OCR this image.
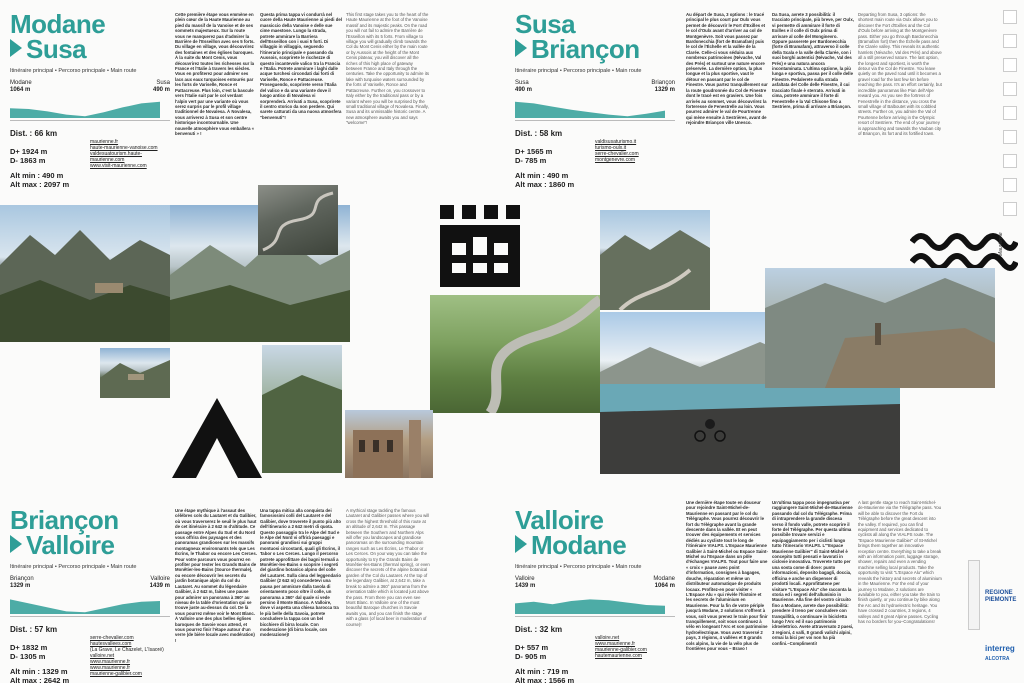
Modane
Susa
Itinéraire principal • Percorso principale • Main route
Modane
1064 m
Susa
490 m
Dist. : 66 km
D+ 1924 m
D- 1863 m
Alt min : 490 m
Alt max : 2097 m
maurienne.fr
haute-maurienne-vanoise.com
valdesuatourism.haute-maurienne.com
www.visit-maurienne.com
Cette première étape vous emmène en plein cœur de la Haute Maurienne au pied du massif de la Vanoise et de ses sommets majestueux. Sur la route vous ne manquerez pas d'admirer la Barrière de l'Esseillon avec ses 5 forts. Du village en village, vous découvrirez des fontaines et des églises baroques. À la suite du Mont Cenis, vous découvrirez toutes les richesses sur la France et l'Italie à travers les siècles. Vous en profiterez pour admirer ses lacs aux eaux turquoises entourés par les forts de Variselle, Ronce et Pattacreuse. Plus loin, c'est la bascule vers l'Italie suit par le col verdant l'alpin vert par une variante où vous serez surpris par le profil village traditionnel de Novalesa. À Novalesa, vous arriverez à Susa et son centre historique incontournable. Une nouvelle atmosphère vous emballera « benvenuti » !
Questa prima tappa vi condurrà nel cuore della Haute Maurienne ai piedi del massiccio della Vanoise e delle sue cime maestose. Lungo la strada, potrete ammirare la Barriera dell'Esseillon con i suoi 5 forti. Di villaggio in villaggio, seguendo l'itinerario principale e passando da Aussois, scoprirete le ricchezze di questo incantevole valico tra la Francia e l'Italia. Potrete ammirare i laghi dalle acque turchesi circondati dai forti di Variselle, Ronce e Pattacreuse. Proseguendo, scoprirete verso l'Italia del valico e da una variante dove il luogo antico di Novalesa vi sorprenderà. Arrivati a Susa, scoprirete il centro storico da non perdere. Qui sarete catturati da una nuova atmosfera "benvenuti"!
This first stage takes you to the heart of the Haute Maurienne at the foot of the Vanoise massif and its majestic peaks. On the road you will not fail to admire the Barrière de l'Esseillon with its 5 forts. From village to village you will gradually climb towards the Col du Mont Cenis either by the main route or by Aussois at the height of the Mont Cenis plateau; you will discover all the riches of this high place of gateway between France and Italy through the centuries. Take the opportunity to admire its lake with turquoise waters surrounded by the forts of Variselle, Ronce and Pattacreuse. Further on, you crossover to Italy either by the traditional pass or by a variant where you will be surprised by the small traditional village of Novalesa. Finally, Susa and its unmissable historic centre. A new atmosphere awaits you and says "welcome"!
Susa
Briançon
Itinéraire principal • Percorso principale • Main route
Susa
490 m
Briançon
1329 m
Dist. : 58 km
D+ 1565 m
D- 785 m
Alt min : 490 m
Alt max : 1860 m
valdisusaturismo.it
turismo-oulx.it
serre-chevalier.com
montgenevre.com
Au départ de Susa, 3 options : le tracé principal le plus court par Oulx vous permet de découvrir le Fort d'Exilles et le col d'Oulx avant d'arriver au col de Montgenèvre. Soit vous passez par Bardonecchia (fort de Bramafam) puis le col de l'Échelle et la vallée de la Clarée. Celle-ci vous séduira aux nombreux patrimoines (Névache, Val des Prés) et surtout une nature encore préservée. La dernière option, la plus longue et la plus sportive, vaut le détour en passant par le col de Finestre. Vous partez tranquillement sur la route goudronnée du Col de Finestre dont le tracé est en graviers. Une fois arrivés au sommet, vous découvrirez la forteresse de Fenestrelle au loin. Vous pourrez admirer le val de Pourtrenne qui mène ensuite à Sestrières, avant de rejoindre Briançon ville Unesco.
Da Susa, avrete 3 possibilità: il tracciato principale, più breve, per Oulx, vi permette di ammirare il forte di Exilles e il colle di Oulx prima di arrivare al colle del Monginevro. Oppure passerete per Bardonecchia (forte di Bramafam), attraverso il colle della Scala e la valle della Clarée, con i suoi borghi autentici (Névache, Val des Prés) e una natura ancora incontaminata. L'ultima opzione, la più lunga e sportiva, passa per il colle delle Finestre. Pedalerete sulla strada asfaltata del Colle delle Finestre, il cui tracciato finale è sterrato. Arrivati in cima, potrete ammirare il forte di Fenestrelle e la Val Chisone fino a Sestriere, prima di arrivare a Briançon.
Departing from Susa, 3 options: the shortest main route via Oulx allows you to discover the Fort d'Exilles and the Col d'Oulx before arriving at the Montgenèvre pass. Either you go through Bardonecchia (Bramafam fort) then the Échelle pass and the Clarée valley. This reveals its authentic hamlets (Névache, Val des Prés) and above all a still preserved nature. The last option, the longest and sportiest, is worth the detour via the Col de Finestre. You leave quietly on the paved road until it becomes a gravel road for the last few km before reaching the pass. It's an effort certainly, but incredible panoramas like Pian dell'Alpe reward you. As you see the fortress of Fenestrelle in the distance, you cross the small village of Balboutet with its cobbled streets. Further on, you admire the Val of Pourtenne before arriving in the Olympic resort of Sestriere. The end of your journey is approaching and towards the Vauban city of Briançon, its fort and its fortified town.
Maurienne
Briançon
Valloire
Itinéraire principal • Percorso principale • Main route
Briançon
1329 m
Valloire
1439 m
Dist. : 57 km
D+ 1832 m
D- 1305 m
Alt min : 1329 m
Alt max : 2642 m
serre-chevalier.com
hautesvallees.com
(La Grave, Le Chazelet, L'Isaoré)
valloire.net
www.maurienne.fr
www.maurienne.fr
maurienne-galibier.com
Une étape mythique à l'assaut des célèbres cols du Lautaret et du Galibier, où vous traverserez le seuil le plus haut de cet itinéraire à 2 642 m d'altitude. Ce passage entre Alpes du Sud et du Nord vous offrira des paysages et des panoramas grandioses sur les massifs montagneux environnants tels que Les Écrins, le Thabor ou encore Les Cerces. Pour votre parcours vous pourrez en profiter pour tester les Grands Bains de Monêtier-les-Bains (Source thermale), ou encore découvrir les secrets du jardin botanique alpin du col du Lautaret. Au sommet du légendaire Galibier, à 2 642 m, faites une pause pour admirer un panorama à 360° au niveau de la table d'orientation qui se trouve juste au-dessus du col. De là vous pourrez même voir le Mont Blanc. À Valloire une des plus belles églises baroques de Savoie vous attend, et vous pourrez finir l'étape autour d'un verre (de bière locale avec modération) !
Una tappa mitica alla conquista dei famosissimi colli del Lautaret e del Galibier, dove troverete il punto più alto dell'itinerario a 2 642 metri di quota. Questo passaggio tra le Alpe del Sud e le Alpe del Nord vi offrirà paesaggi e panorami grandiosi sui gruppi montuosi circostanti, quali gli Écrins, il Tabor o Les Cerces. Lungo il percorso potrete approfittare dei bagni termali a Monêtier-les-Bains o scoprire i segreti del giardino botanico alpino del colle del Lautaret. Sulla cima del leggendario Galibier (2 642 m) concedetevi una pausa per ammirare dalla tavola di orientamento poco oltre il colle, un panorama a 360° dal quale si vede persino il Monte Bianco. A Valloire, dove vi aspetta una chiesa barocca tra le più belle della Savoia, potrete concludere la tappa con un bel bicchiere di birra locale. Con moderazione (di birra locale, con moderazione)!
A mythical stage tackling the famous Lautaret and Galibier passes where you will cross the highest threshold of this route at an altitude of 2,642 m. This passage between the Southern and Northern Alps will offer you landscapes and grandiose panoramas on the surrounding mountain ranges such as Les Écrins, Le Thabor or Les Cerces. On your way you can take the opportunity to try the Grands Bains de Monêtier-les-Bains (thermal spring), or even discover the secrets of the alpine botanical garden of the Col du Lautaret. At the top of the legendary Galibier, at 2,642 m, take a break to admire a 360° panorama from the orientation table which is located just above the pass. From there you can even see Mont Blanc. In Valloire one of the most beautiful Baroque churches in Savoie awaits you, and you can finish the stage with a glass (of local beer in moderation of course)!
Valloire
Modane
Itinéraire principal • Percorso principale • Main route
Valloire
1439 m
Modane
1064 m
Dist. : 32 km
D+ 557 m
D- 905 m
Alt min : 719 m
Alt max : 1566 m
valloire.net
www.maurienne.fr
maurienne-galibier.com
hautemaurienne.com
Une dernière étape toute en douceur pour rejoindre Saint-Michel-de-Maurienne en passant par le col du Télégraphe. Vous pourrez découvrir le fort du Télégraphe avant la grande descente dans la vallée. Et en peut trouver des équipements et services dédiés au cycliste tout le long de l'itinéraire VIALPS. L'Espace Maurienne Galibier à Saint-Michel ou Espace Saint-Michel ou l'Espace dans un pôle d'échanges VIALPS. Tout pour faire une « croix » pause avec point d'information, consignes à bagages, douche, réparation et même un distributeur automatique de produits locaux. Profitez-en pour visiter « L'Espace Alu » qui révèle l'histoire et les secrets de l'aluminium en Maurienne. Pour la fin de votre périple jusqu'à Modane, 2 solutions s'offrent à vous, soit vous prenez le train pour finir tranquillement, soit vous continuez à vélo en longeant l'Arc et son patrimoine hydroélectrique. Vous avez traversé 2 pays, 3 régions, 4 vallées et 8 grands cols alpins, la vie de la vélo plus de frontières pour vous – Bravo !
Un'ultima tappa poco impegnativa per raggiungere Saint-Michel-de-Maurienne passando dal col du Télégraphe. Prima di intraprendere la grande discesa verso il fondo valle, potrete scoprire il forte del Télégraphe. Per questa ultima possibile trovare servizi e equipaggiamento per i ciclisti lungo tutto l'itinerario VIALPS. L'"Espace Maurienne Galibier" di Saint-Michel è concepito tutti pensati e lavorati in ciclovie innovativa. Troverete tutto per una sosta come di dove: punto informazioni, deposito bagagli, doccia, officina e anche un dispenser di prodotti locali. Approfittatene per visitare "L'Espace Alu" che racconta la storia ed i segreti dell'alluminio in Maurienne. Alla fine del vostro circuito fino a Modane, avrete due possibilità: prendere il treno per concludere con tranquillità, o continuare in bicicletta lungo l'Arc ed il suo patrimonio idroelettrico. Avete attraversato 2 paesi, 3 regioni, 4 valli, 8 grandi valichi alpini, ormai la bici per voi non ha più confini.–Complimenti!
A last gentle stage to reach Saint-Michel-de-Maurienne via the Télégraphe pass. You will be able to discover the Fort du Télégraphe before the great descent into the valley. If required, you can find equipment and services dedicated to cyclists all along the VIALPS route. The "Espace Maurienne Galibier" of St-Michel brings them together an innovative reception centre. Everything to take a break with an information point, luggage storage, shower, repairs and even a vending machine selling local products. Take the opportunity to visit "L'Espace Alu" which reveals the history and secrets of aluminium in the Maurienne. For the end of your journey to Modane, 2 solutions are available to you, either you take the train to finish quietly, or you continue by bike along the Arc and its hydroelectric heritage. You have crossed 2 countries, 3 regions, 4 valleys and 8 great Alpine passes. Cycling has no borders for you–Congratulations!
REGIONE PIEMONTE
interreg
ALCOTRA
